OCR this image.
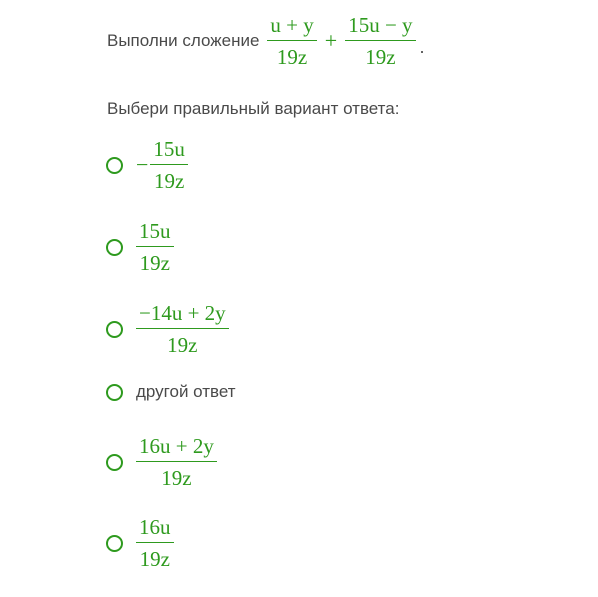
Выполни сложение $\frac{u + y}{19z} + \frac{15u - y}{19z}$ .
Выбери правильный вариант ответа:
− $\frac{15u}{19z}$
$\frac{15u}{19z}$
$\frac{-14u + 2y}{19z}$
другой ответ
$\frac{16u + 2y}{19z}$
$\frac{16u}{19z}$
